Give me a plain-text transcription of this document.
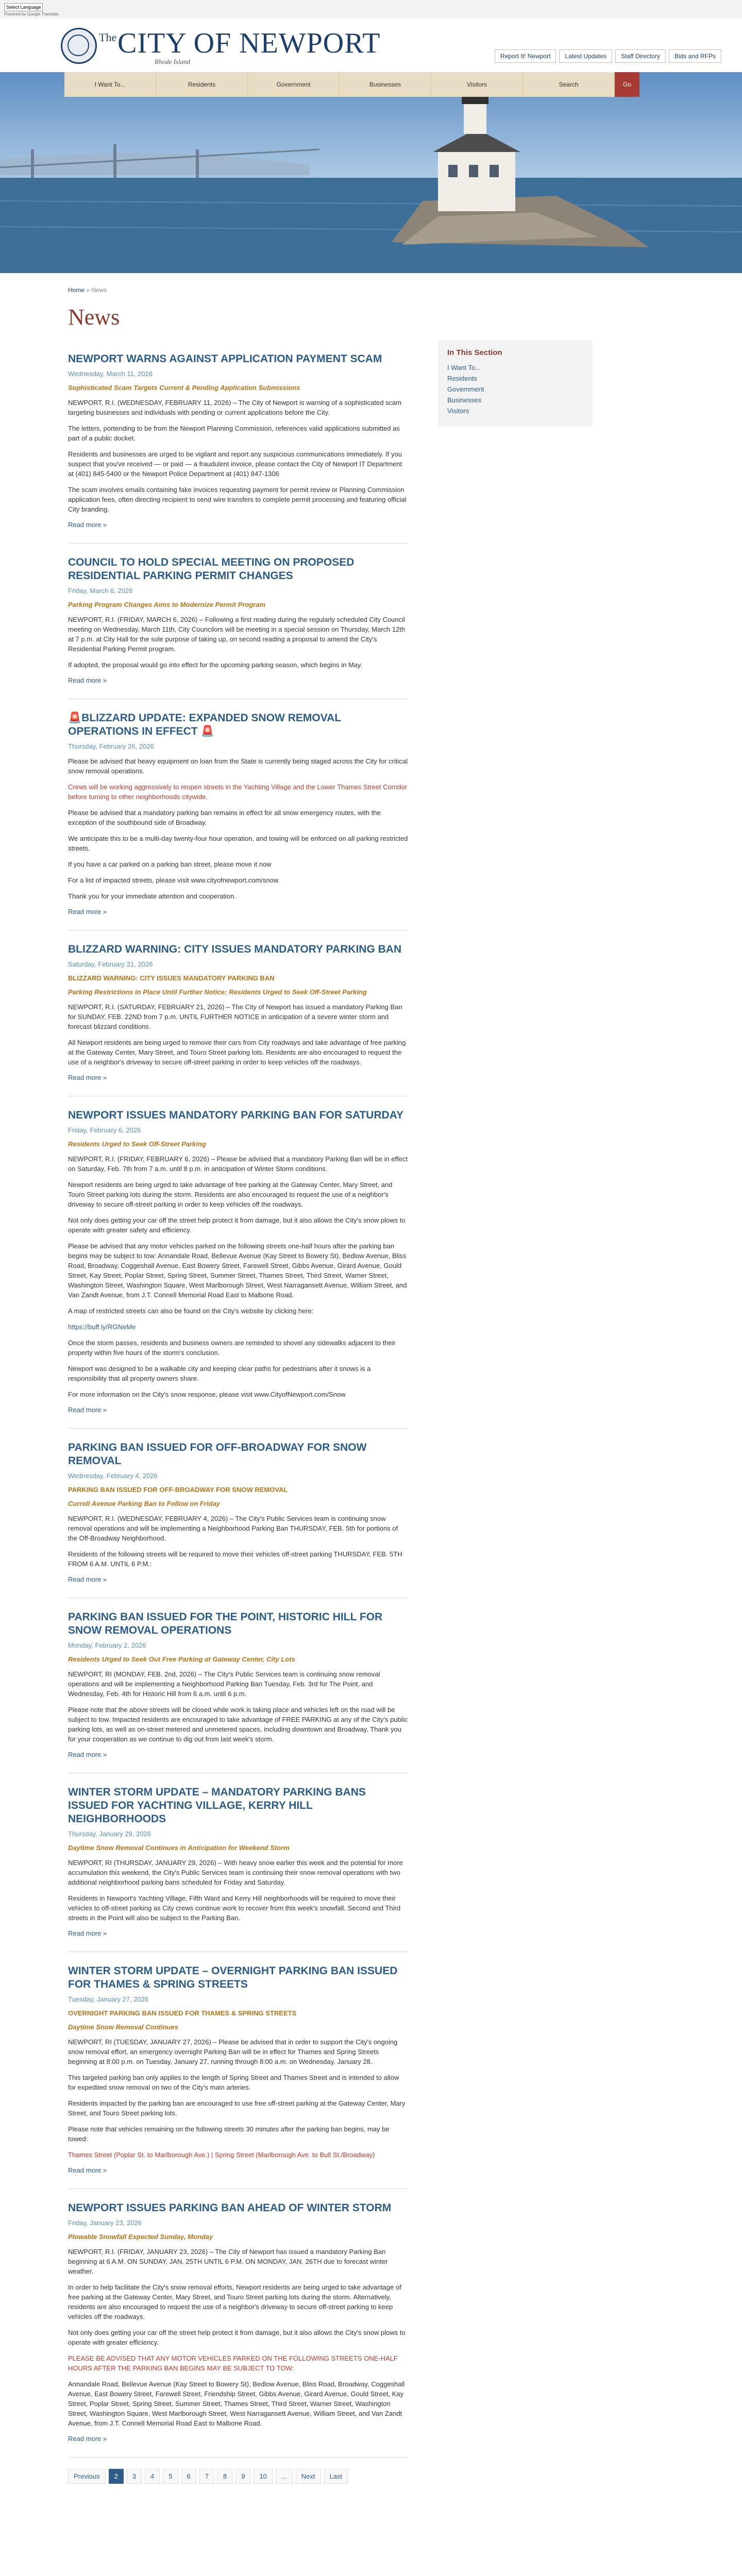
Select Language
Powered by Google Translate
The CITY OF NEWPORT
Rhode Island
Report It! Newport	Latest Updates	Staff Directory	Bids and RFPs
I Want To...	Residents	Government	Businesses	Visitors	Search	Go
Home » News
News
NEWPORT WARNS AGAINST APPLICATION PAYMENT SCAM
Wednesday, March 11, 2026
Sophisticated Scam Targets Current & Pending Application Submissions

NEWPORT, R.I. (WEDNESDAY, FEBRUARY 11, 2026) – The City of Newport is warning of a sophisticated scam targeting businesses and individuals with pending or current applications before the City.

The letters, portending to be from the Newport Planning Commission, references valid applications submitted as part of a public docket.

Residents and businesses are urged to be vigilant and report any suspicious communications immediately. If you suspect that you've received — or paid — a fraudulent invoice, please contact the City of Newport IT Department at (401) 845-5400 or the Newport Police Department at (401) 847-1306

The scam involves emails containing fake invoices requesting payment for permit review or Planning Commission application fees, often directing recipient to send wire transfers to complete permit processing and featuring official City branding.

Read more »
COUNCIL TO HOLD SPECIAL MEETING ON PROPOSED RESIDENTIAL PARKING PERMIT CHANGES
Friday, March 6, 2026
Parking Program Changes Aims to Modernize Permit Program

NEWPORT, R.I. (FRIDAY, MARCH 6, 2026) – Following a first reading during the regularly scheduled City Council meeting on Wednesday, March 11th, City Councilors will be meeting in a special session on Thursday, March 12th at 7 p.m. at City Hall for the sole purpose of taking up, on second reading a proposal to amend the City's Residential Parking Permit program.

If adopted, the proposal would go into effect for the upcoming parking season, which begins in May.

Read more »
🚨BLIZZARD UPDATE: EXPANDED SNOW REMOVAL OPERATIONS IN EFFECT 🚨
Thursday, February 26, 2026

Please be advised that heavy equipment on loan from the State is currently being staged across the City for critical snow removal operations.

Crews will be working aggressively to reopen streets in the Yachting Village and the Lower Thames Street Corridor before turning to other neighborhoods citywide.

Please be advised that a mandatory parking ban remains in effect for all snow emergency routes, with the exception of the southbound side of Broadway.

We anticipate this to be a multi-day twenty-four hour operation, and towing will be enforced on all parking restricted streets.

If you have a car parked on a parking ban street, please move it now

For a list of impacted streets, please visit www.cityofnewport.com/snow

Thank you for your immediate attention and cooperation.

Read more »
BLIZZARD WARNING: CITY ISSUES MANDATORY PARKING BAN
Saturday, February 21, 2026
BLIZZARD WARNING: CITY ISSUES MANDATORY PARKING BAN
Parking Restrictions in Place Until Further Notice; Residents Urged to Seek Off-Street Parking

NEWPORT, R.I. (SATURDAY, FEBRUARY 21, 2026) – The City of Newport has issued a mandatory Parking Ban for SUNDAY, FEB. 22ND from 7 p.m. UNTIL FURTHER NOTICE in anticipation of a severe winter storm and forecast blizzard conditions.

All Newport residents are being urged to remove their cars from City roadways and take advantage of free parking at the Gateway Center, Mary Street, and Touro Street parking lots. Residents are also encouraged to request the use of a neighbor's driveway to secure off-street parking in order to keep vehicles off the roadways.

Read more »
NEWPORT ISSUES MANDATORY PARKING BAN FOR SATURDAY
Friday, February 6, 2026
Residents Urged to Seek Off-Street Parking

NEWPORT, R.I. (FRIDAY, FEBRUARY 6, 2026) – Please be advised that a mandatory Parking Ban will be in effect on Saturday, Feb. 7th from 7 a.m. until 8 p.m. in anticipation of Winter Storm conditions.

Newport residents are being urged to take advantage of free parking at the Gateway Center, Mary Street, and Touro Street parking lots during the storm. Residents are also encouraged to request the use of a neighbor's driveway to secure off-street parking in order to keep vehicles off the roadways.

Not only does getting your car off the street help protect it from damage, but it also allows the City's snow plows to operate with greater safety and efficiency.

Please be advised that any motor vehicles parked on the following streets one-half hours after the parking ban begins may be subject to tow: Annandale Road, Bellevue Avenue (Kay Street to Bowery St), Bedlow Avenue, Bliss Road, Broadway, Coggeshall Avenue, East Bowery Street, Farewell Street, Gibbs Avenue, Girard Avenue, Gould Street, Kay Street, Poplar Street, Spring Street, Summer Street, Thames Street, Third Street, Warner Street, Washington Street, Washington Square, West Marlborough Street, West Narragansett Avenue, William Street, and Van Zandt Avenue, from J.T. Connell Memorial Road East to Malbone Road.

A map of restricted streets can also be found on the City's website by clicking here:

https://buff.ly/RGNeMe

Once the storm passes, residents and business owners are reminded to shovel any sidewalks adjacent to their property within five hours of the storm's conclusion.

Newport was designed to be a walkable city and keeping clear paths for pedestrians after it snows is a responsibility that all property owners share.

For more information on the City's snow response, please visit www.CityofNewport.com/Snow

Read more »
PARKING BAN ISSUED FOR OFF-BROADWAY FOR SNOW REMOVAL
Wednesday, February 4, 2026
PARKING BAN ISSUED FOR OFF-BROADWAY FOR SNOW REMOVAL
Curroll Avenue Parking Ban to Follow on Friday

NEWPORT, R.I. (WEDNESDAY, FEBRUARY 4, 2026) – The City's Public Services team is continuing snow removal operations and will be implementing a Neighborhood Parking Ban THURSDAY, FEB. 5th for portions of the Off-Broadway Neighborhood.

Residents of the following streets will be required to move their vehicles off-street parking THURSDAY, FEB. 5TH FROM 6 A.M. UNTIL 6 P.M.:

Read more »
PARKING BAN ISSUED FOR THE POINT, HISTORIC HILL FOR SNOW REMOVAL OPERATIONS
Monday, February 2, 2026
Residents Urged to Seek Out Free Parking at Gateway Center, City Lots

NEWPORT, RI (MONDAY, FEB. 2nd, 2026) – The City's Public Services team is continuing snow removal operations and will be implementing a Neighborhood Parking Ban Tuesday, Feb. 3rd for The Point, and Wednesday, Feb. 4th for Historic Hill from 6 a.m. until 6 p.m.

Please note that the above streets will be closed while work is taking place and vehicles left on the road will be subject to tow. Impacted residents are encouraged to take advantage of FREE PARKING at any of the City's public parking lots, as well as on-street metered and unmetered spaces, including downtown and Broadway. Thank you for your cooperation as we continue to dig out from last week's storm.

Read more »
WINTER STORM UPDATE – MANDATORY PARKING BANS ISSUED FOR YACHTING VILLAGE, KERRY HILL NEIGHBORHOODS
Thursday, January 29, 2026
Daytime Snow Removal Continues in Anticipation for Weekend Storm

NEWPORT, RI (THURSDAY, JANUARY 29, 2026) – With heavy snow earlier this week and the potential for more accumulation this weekend, the City's Public Services team is continuing their snow removal operations with two additional neighborhood parking bans scheduled for Friday and Saturday.

Residents in Newport's Yachting Village, Fifth Ward and Kerry Hill neighborhoods will be required to move their vehicles to off-street parking as City crews continue work to recover from this week's snowfall. Second and Third streets in the Point will also be subject to the Parking Ban.

Read more »
WINTER STORM UPDATE – OVERNIGHT PARKING BAN ISSUED FOR THAMES & SPRING STREETS
Tuesday, January 27, 2026
OVERNIGHT PARKING BAN ISSUED FOR THAMES & SPRING STREETS
Daytime Snow Removal Continues

NEWPORT, RI (TUESDAY, JANUARY 27, 2026) – Please be advised that in order to support the City's ongoing snow removal effort, an emergency overnight Parking Ban will be in effect for Thames and Spring Streets beginning at 8:00 p.m. on Tuesday, January 27, running through 8:00 a.m. on Wednesday, January 28.

This targeted parking ban only applies to the length of Spring Street and Thames Street and is intended to allow for expedited snow removal on two of the City's main arteries.

Residents impacted by the parking ban are encouraged to use free off-street parking at the Gateway Center, Mary Street, and Touro Street parking lots.

Please note that vehicles remaining on the following streets 30 minutes after the parking ban begins, may be towed:

Thames Street (Poplar St. to Marlborough Ave.) | Spring Street (Marlborough Ave. to Bull St./Broadway)

Read more »
NEWPORT ISSUES PARKING BAN AHEAD OF WINTER STORM
Friday, January 23, 2026
Plowable Snowfall Expected Sunday, Monday

NEWPORT, R.I. (FRIDAY, JANUARY 23, 2026) – The City of Newport has issued a mandatory Parking Ban beginning at 6 A.M. ON SUNDAY, JAN. 25TH UNTIL 6 P.M. ON MONDAY, JAN. 26TH due to forecast winter weather.

In order to help facilitate the City's snow removal efforts, Newport residents are being urged to take advantage of free parking at the Gateway Center, Mary Street, and Touro Street parking lots during the storm. Alternatively, residents are also encouraged to request the use of a neighbor's driveway to secure off-street parking to keep vehicles off the roadways.

Not only does getting your car off the street help protect it from damage, but it also allows the City's snow plows to operate with greater efficiency.

PLEASE BE ADVISED THAT ANY MOTOR VEHICLES PARKED ON THE FOLLOWING STREETS ONE-HALF HOURS AFTER THE PARKING BAN BEGINS MAY BE SUBJECT TO TOW:

Annandale Road, Bellevue Avenue (Kay Street to Bowery St), Bedlow Avenue, Bliss Road, Broadway, Coggeshall Avenue, East Bowery Street, Farewell Street, Friendship Street, Gibbs Avenue, Girard Avenue, Gould Street, Kay Street, Poplar Street, Spring Street, Summer Street, Thames Street, Third Street, Warner Street, Washington Street, Washington Square, West Marlborough Street, West Narragansett Avenue, William Street, and Van Zandt Avenue, from J.T. Connell Memorial Road East to Malbone Road.

Read more »
Previous	2	3	4	5	6	7	8	9	10	...	Next	Last
In This Section
I Want To...
Residents
Government
Businesses
Visitors
